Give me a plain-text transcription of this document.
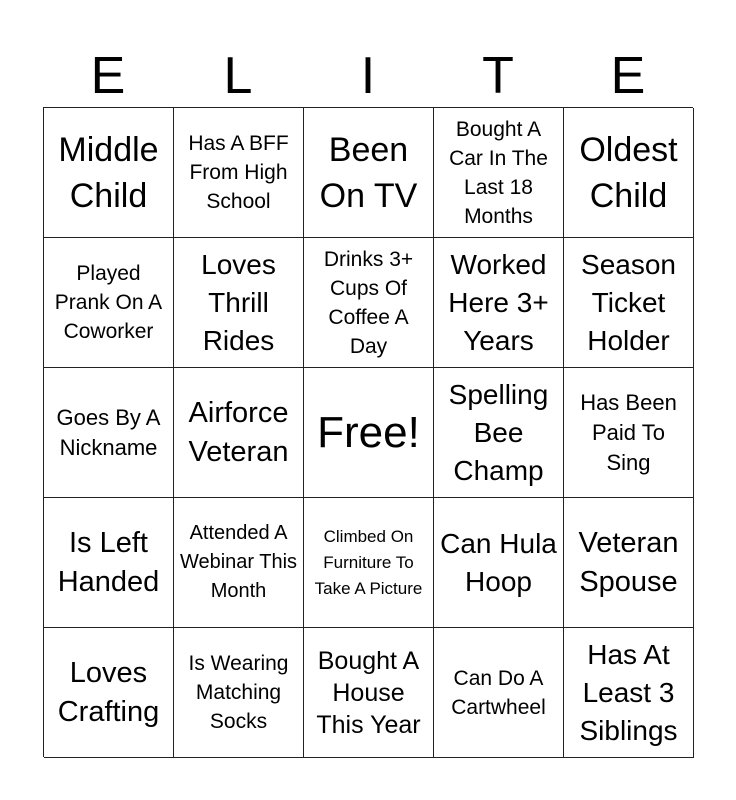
E	L	I	T	E
Middle Child
Has A BFF From High School
Been On TV
Bought A Car In The Last 18 Months
Oldest Child
Played Prank On A Coworker
Loves Thrill Rides
Drinks 3+ Cups Of Coffee A Day
Worked Here 3+ Years
Season Ticket Holder
Goes By A Nickname
Airforce Veteran Free!
Spelling Bee Champ
Has Been Paid To Sing
Is Left Handed
Attended A Webinar This Month
Climbed On Furniture To Take A Picture
Can Hula Hoop
Veteran Spouse
Loves Crafting
Is Wearing Matching Socks
Bought A House This Year
Can Do A Cartwheel
Has At Least 3 Siblings
